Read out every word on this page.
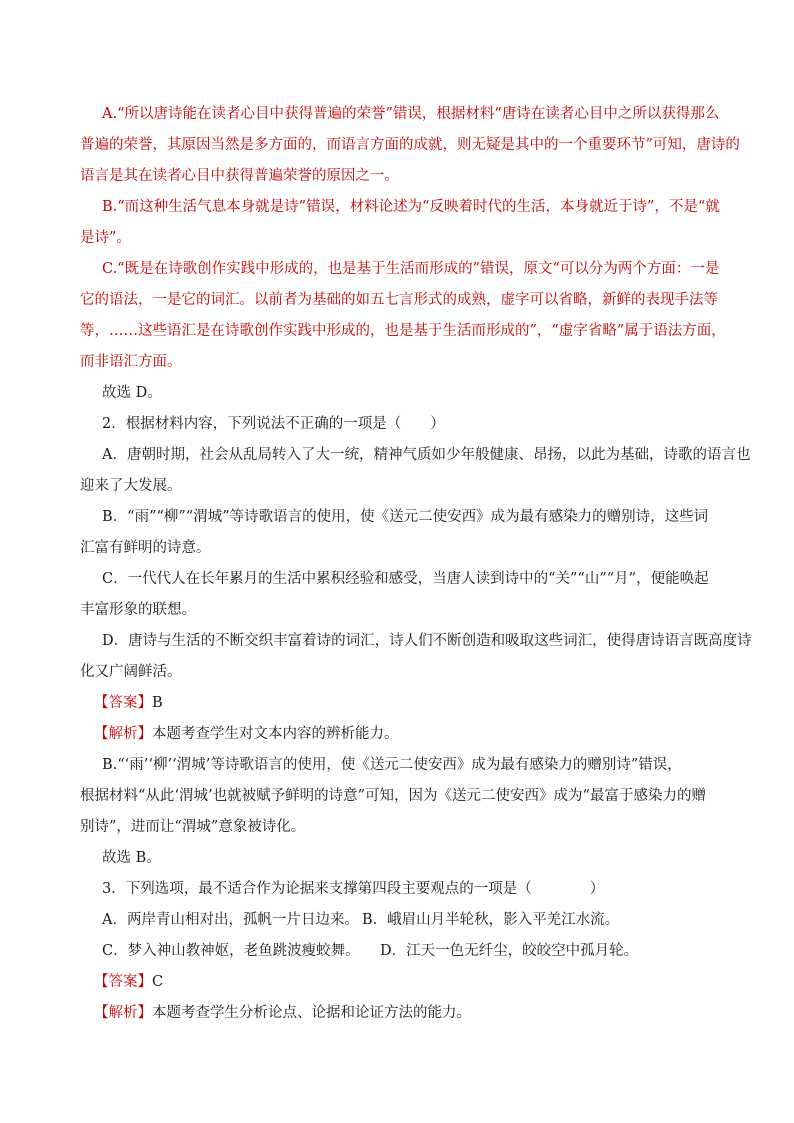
A.“所以唐诗能在读者心目中获得普遍的荣誉”错误，根据材料“唐诗在读者心目中之所以获得那么
普遍的荣誉，其原因当然是多方面的，而语言方面的成就，则无疑是其中的一个重要环节”可知，唐诗的
语言是其在读者心目中获得普遍荣誉的原因之一。
B.“而这种生活气息本身就是诗”错误，材料论述为“反映着时代的生活，本身就近于诗”，不是“就
是诗”。
C.“既是在诗歌创作实践中形成的，也是基于生活而形成的”错误，原文“可以分为两个方面：一是
它的语法，一是它的词汇。以前者为基础的如五七言形式的成熟，虚字可以省略，新鲜的表现手法等
等，……这些语汇是在诗歌创作实践中形成的，也是基于生活而形成的”，“虚字省略”属于语法方面，
而非语汇方面。
故选 D。
2．根据材料内容，下列说法不正确的一项是（　　）
A．唐朝时期，社会从乱局转入了大一统，精神气质如少年般健康、昂扬，以此为基础，诗歌的语言也
迎来了大发展。
B．“雨”“柳”“渭城”等诗歌语言的使用，使《送元二使安西》成为最有感染力的赠别诗，这些词
汇富有鲜明的诗意。
C．一代代人在长年累月的生活中累积经验和感受，当唐人读到诗中的“关”“山”“月”，便能唤起
丰富形象的联想。
D．唐诗与生活的不断交织丰富着诗的词汇，诗人们不断创造和吸取这些词汇，使得唐诗语言既高度诗
化又广阔鲜活。
【答案】B
【解析】本题考查学生对文本内容的辨析能力。
B.“‘雨’‘柳’‘渭城’等诗歌语言的使用，使《送元二使安西》成为最有感染力的赠别诗”错误，
根据材料“从此‘渭城’也就被赋予鲜明的诗意”可知，因为《送元二使安西》成为“最富于感染力的赠
别诗”，进而让“渭城”意象被诗化。
故选 B。
3．下列选项，最不适合作为论据来支撑第四段主要观点的一项是（　　　　）
A．两岸青山相对出，孤帆一片日边来。 B．峨眉山月半轮秋，影入平羌江水流。
C．梦入神山教神妪，老鱼跳波瘦蛟舞。 D．江天一色无纤尘，皎皎空中孤月轮。
【答案】C
【解析】本题考查学生分析论点、论据和论证方法的能力。
